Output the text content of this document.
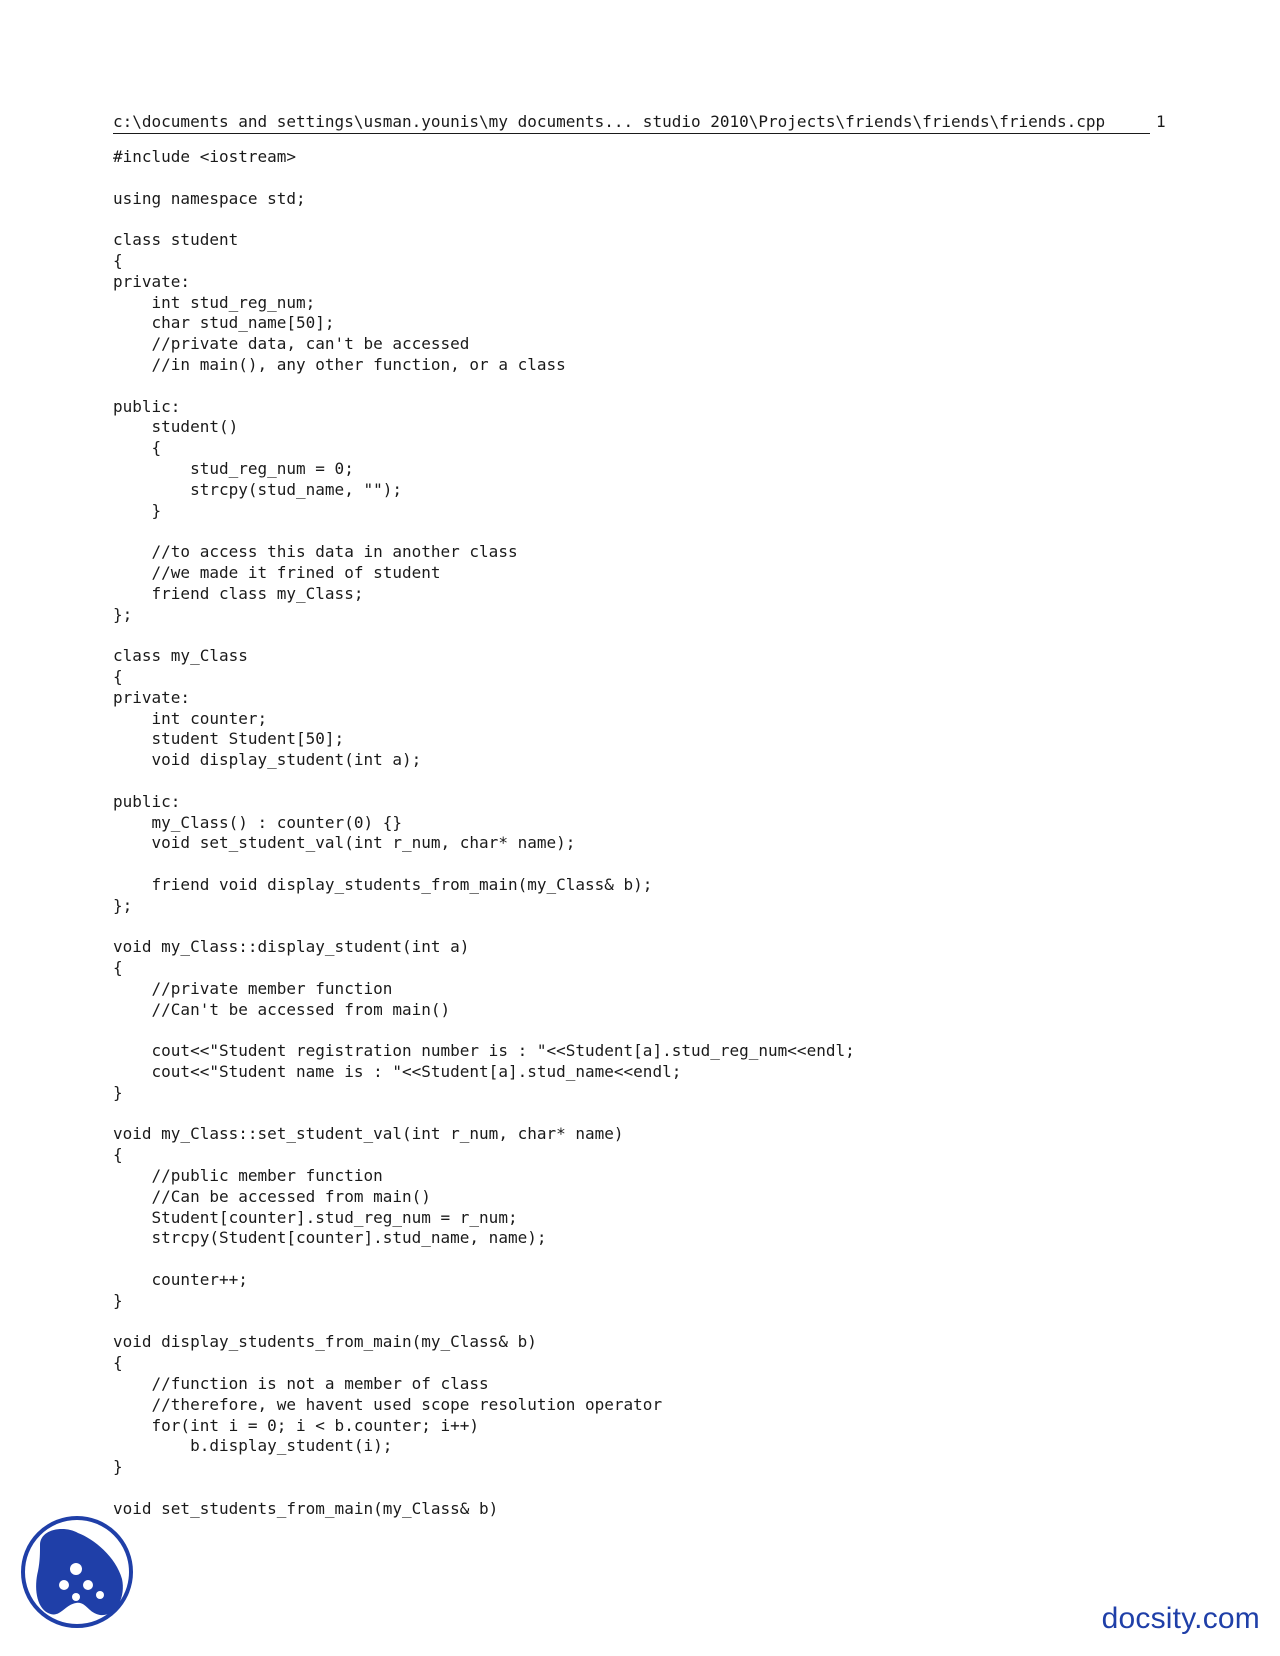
c:\documents and settings\usman.younis\my documents... studio 2010\Projects\friends\friends\friends.cpp

	1
#include <iostream>

using namespace std;

class student
{
private:
int stud_reg_num;
char stud_name[50];
//private data, can't be accessed
//in main(), any other function, or a class

public:
student()
{
stud_reg_num = 0;
strcpy(stud_name, "");
}

//to access this data in another class
//we made it frined of student
friend class my_Class;
};

class my_Class
{
private:
int counter;
student Student[50];
void display_student(int a);

public:
my_Class() : counter(0) {}
void set_student_val(int r_num, char* name);

friend void display_students_from_main(my_Class& b);
};

void my_Class::display_student(int a)
{
//private member function
//Can't be accessed from main()

cout<<"Student registration number is : "<<Student[a].stud_reg_num<<endl;
cout<<"Student name is : "<<Student[a].stud_name<<endl;
}

void my_Class::set_student_val(int r_num, char* name)
{
//public member function
//Can be accessed from main()
Student[counter].stud_reg_num = r_num;
strcpy(Student[counter].stud_name, name);

counter++;
}

void display_students_from_main(my_Class& b)
{
//function is not a member of class
//therefore, we havent used scope resolution operator
for(int i = 0; i < b.counter; i++)
b.display_student(i);
}

void set_students_from_main(my_Class& b)
docsity.com
